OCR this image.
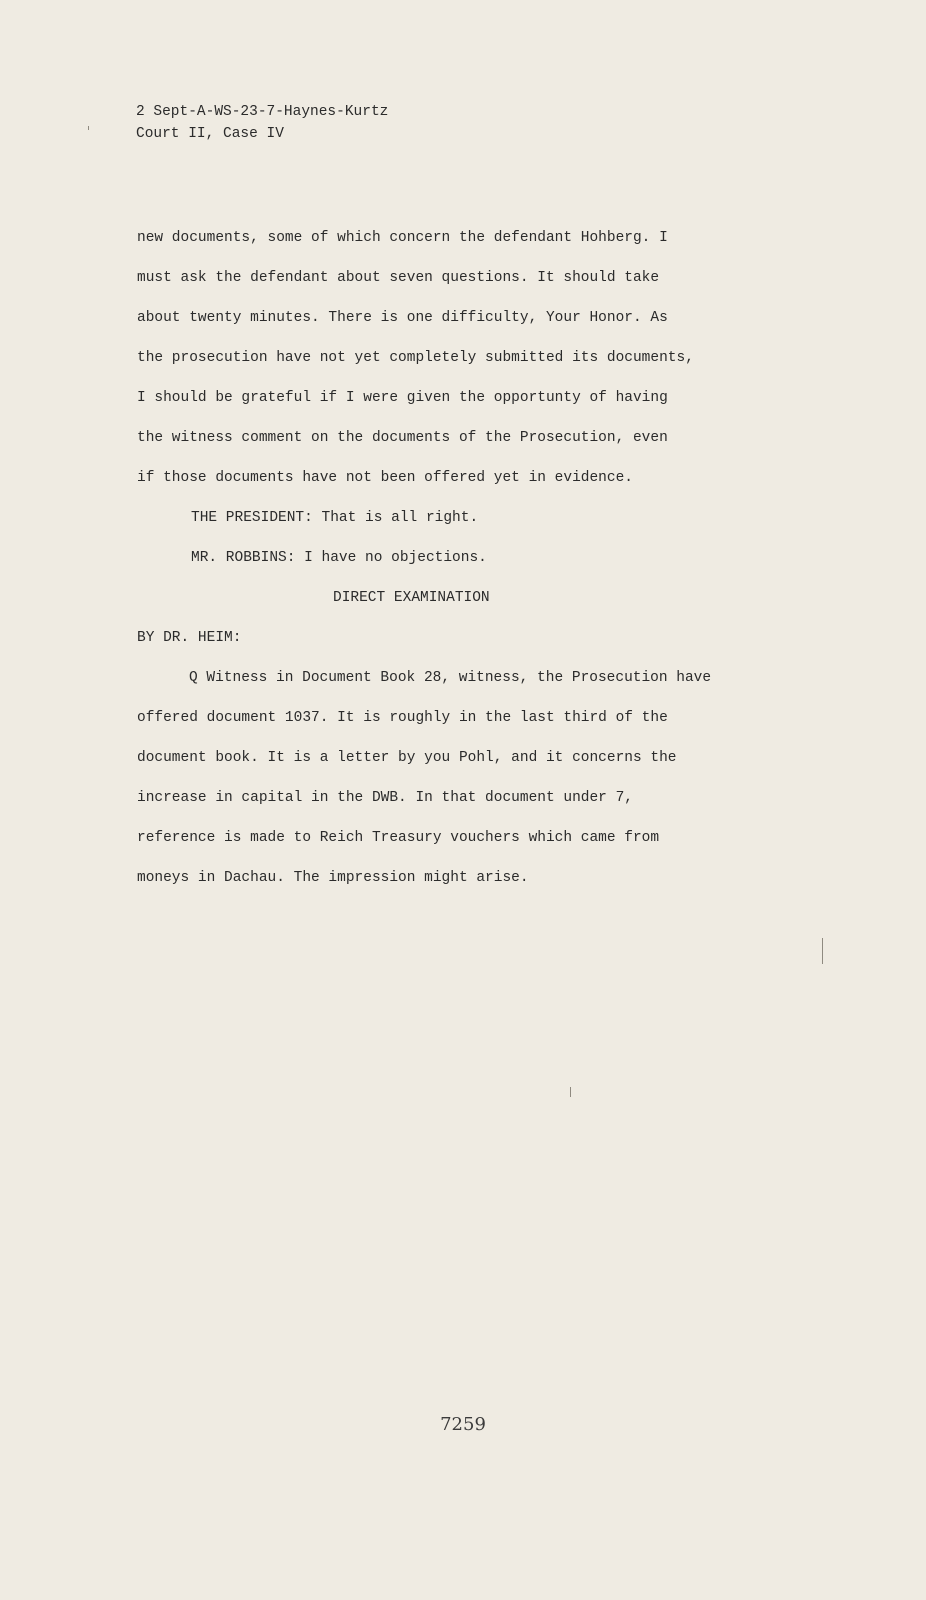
2 Sept-A-WS-23-7-Haynes-Kurtz
Court II, Case IV
new documents, some of which concern the defendant Hohberg. I
must ask the defendant about seven questions. It should take
about twenty minutes. There is one difficulty, Your Honor. As
the prosecution have not yet completely submitted its documents,
I should be grateful if I were given the opportunty of having
the witness comment on the documents of the Prosecution, even
if those documents have not been offered yet in evidence.
THE PRESIDENT: That is all right.
MR. ROBBINS: I have no objections.
DIRECT EXAMINATION
BY DR. HEIM:
Q Witness in Document Book 28, witness, the Prosecution have
offered document 1037. It is roughly in the last third of the
document book. It is a letter by you Pohl, and it concerns the
increase in capital in the DWB. In that document under 7,
reference is made to Reich Treasury vouchers which came from
moneys in Dachau. The impression might arise.
7259
